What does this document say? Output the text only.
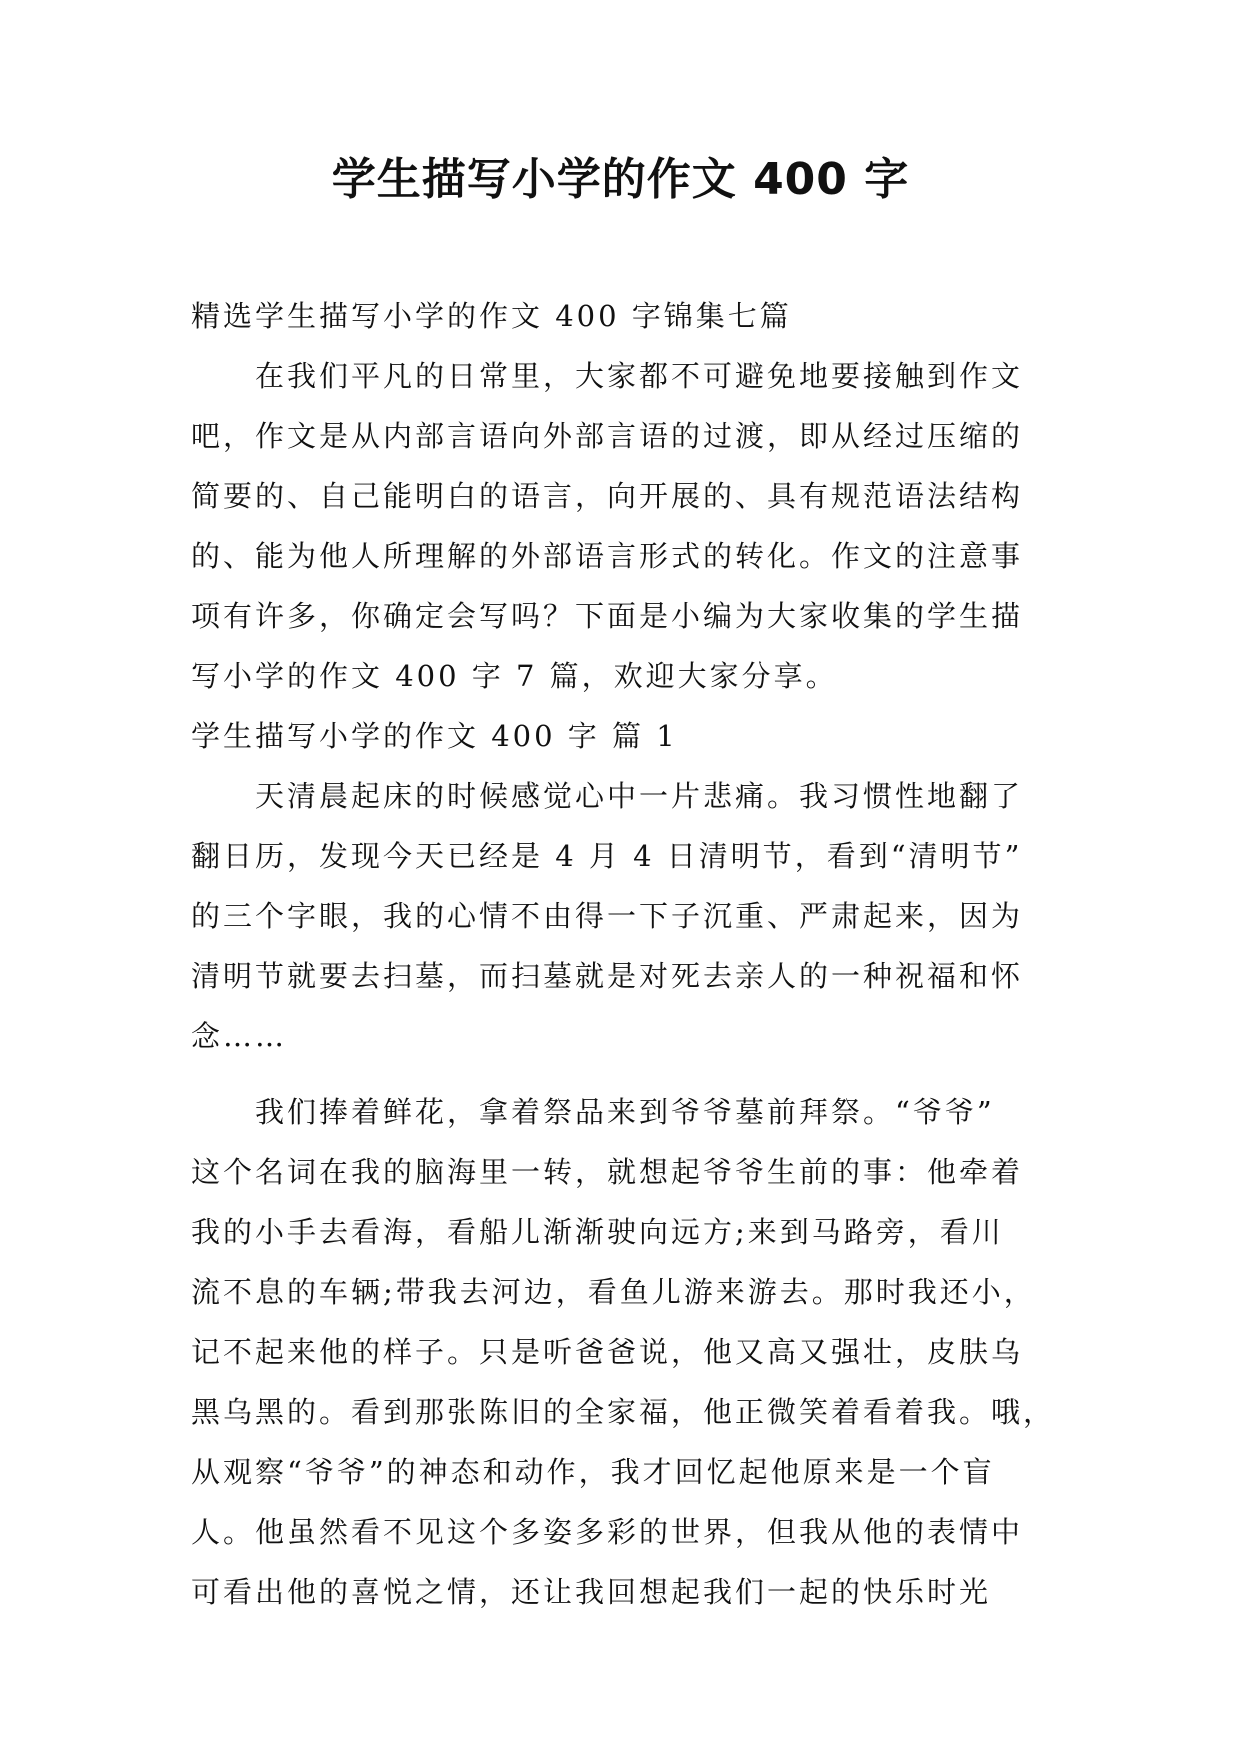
学生描写小学的作文 400 字
精选学生描写小学的作文 400 字锦集七篇
在我们平凡的日常里，大家都不可避免地要接触到作文
吧，作文是从内部言语向外部言语的过渡，即从经过压缩的
简要的、自己能明白的语言，向开展的、具有规范语法结构
的、能为他人所理解的外部语言形式的转化。作文的注意事
项有许多，你确定会写吗？下面是小编为大家收集的学生描
写小学的作文 400 字 7 篇，欢迎大家分享。
学生描写小学的作文 400 字 篇 1
天清晨起床的时候感觉心中一片悲痛。我习惯性地翻了
翻日历，发现今天已经是 4 月 4 日清明节，看到“清明节”
的三个字眼，我的心情不由得一下子沉重、严肃起来，因为
清明节就要去扫墓，而扫墓就是对死去亲人的一种祝福和怀
念……
我们捧着鲜花，拿着祭品来到爷爷墓前拜祭。“爷爷”
这个名词在我的脑海里一转，就想起爷爷生前的事：他牵着
我的小手去看海，看船儿渐渐驶向远方;来到马路旁，看川
流不息的车辆;带我去河边，看鱼儿游来游去。那时我还小，
记不起来他的样子。只是听爸爸说，他又高又强壮，皮肤乌
黑乌黑的。看到那张陈旧的全家福，他正微笑着看着我。哦，
从观察“爷爷”的神态和动作，我才回忆起他原来是一个盲
人。他虽然看不见这个多姿多彩的世界，但我从他的表情中
可看出他的喜悦之情，还让我回想起我们一起的快乐时光
